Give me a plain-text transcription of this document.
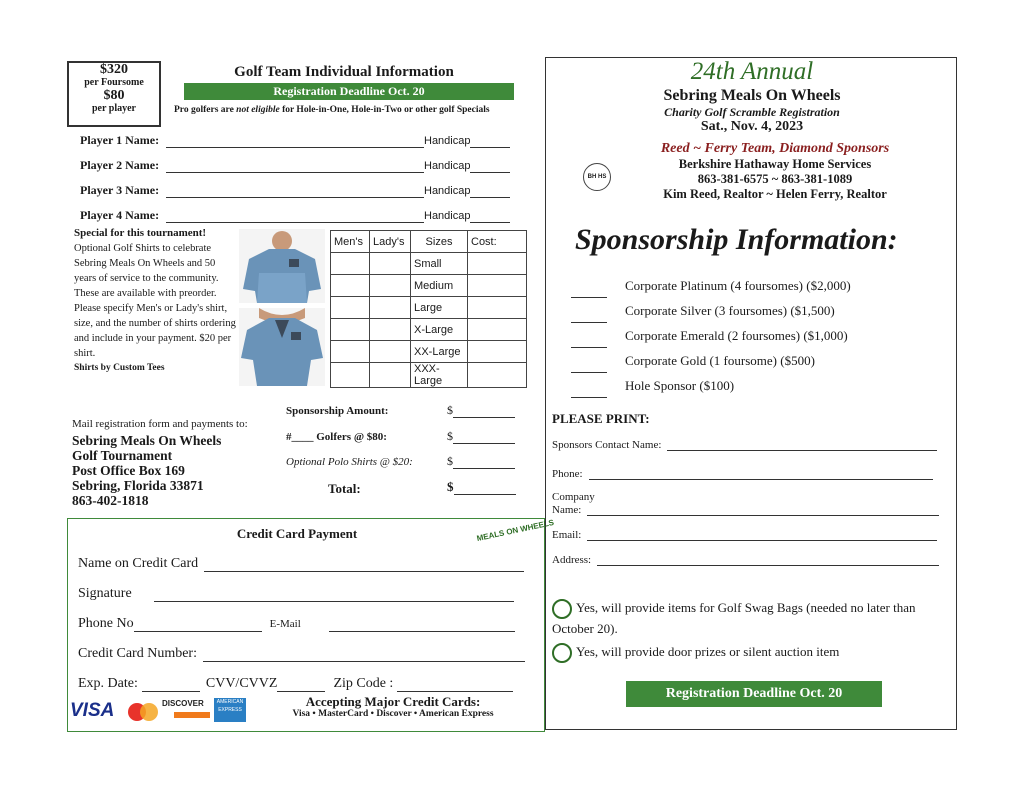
$320
per Foursome
$80
per player
Golf Team Individual Information
Registration Deadline Oct. 20
Pro golfers are not eligible for Hole-in-One, Hole-in-Two or other golf Specials
Player 1 Name:	Handicap
Player 2 Name:	Handicap
Player 3 Name:	Handicap
Player 4 Name:	Handicap
Special for this tournament!
Optional Golf Shirts to celebrate Sebring Meals On Wheels and 50 years of service to the community. These are available with preorder. Please specify Men's or Lady's shirt, size, and the number of shirts ordering and include in your payment. $20 per shirt.
Shirts by Custom Tees
Men's	Lady's	Sizes	Cost:
		Small	
		Medium	
		Large	
		X-Large	
		XX-Large	
		XXX-Large	
Mail registration form and payments to:
Sebring Meals On Wheels
Golf Tournament
Post Office Box 169
Sebring, Florida 33871
863-402-1818
Sponsorship Amount:	$
#____ Golfers @ $80:	$
Optional Polo Shirts @ $20:	$
Total:	$
Credit Card Payment	MEALS ON WHEELS
Name on Credit Card
Signature
Phone No	E-Mail
Credit Card Number:
Exp. Date:	CVV/CVVZ	Zip Code :
VISA	DISCOVER	AMERICAN EXPRESS
Accepting Major Credit Cards:
Visa • MasterCard • Discover • American Express
24th Annual
Sebring Meals On Wheels
Charity Golf Scramble Registration
Sat., Nov. 4, 2023
Reed ~ Ferry Team, Diamond Sponsors
Berkshire Hathaway Home Services
863-381-6575 ~ 863-381-1089
Kim Reed, Realtor ~ Helen Ferry, Realtor
BH HS
Sponsorship Information:
Corporate Platinum (4 foursomes) ($2,000)
Corporate Silver (3 foursomes) ($1,500)
Corporate Emerald (2 foursomes) ($1,000)
Corporate Gold (1 foursome) ($500)
Hole Sponsor ($100)
PLEASE PRINT:
Sponsors Contact Name:
Phone:
Company
Name:
Email:
Address:
Yes, will provide items for Golf Swag Bags (needed no later than October 20).
Yes, will provide door prizes or silent auction item
Registration Deadline Oct. 20
